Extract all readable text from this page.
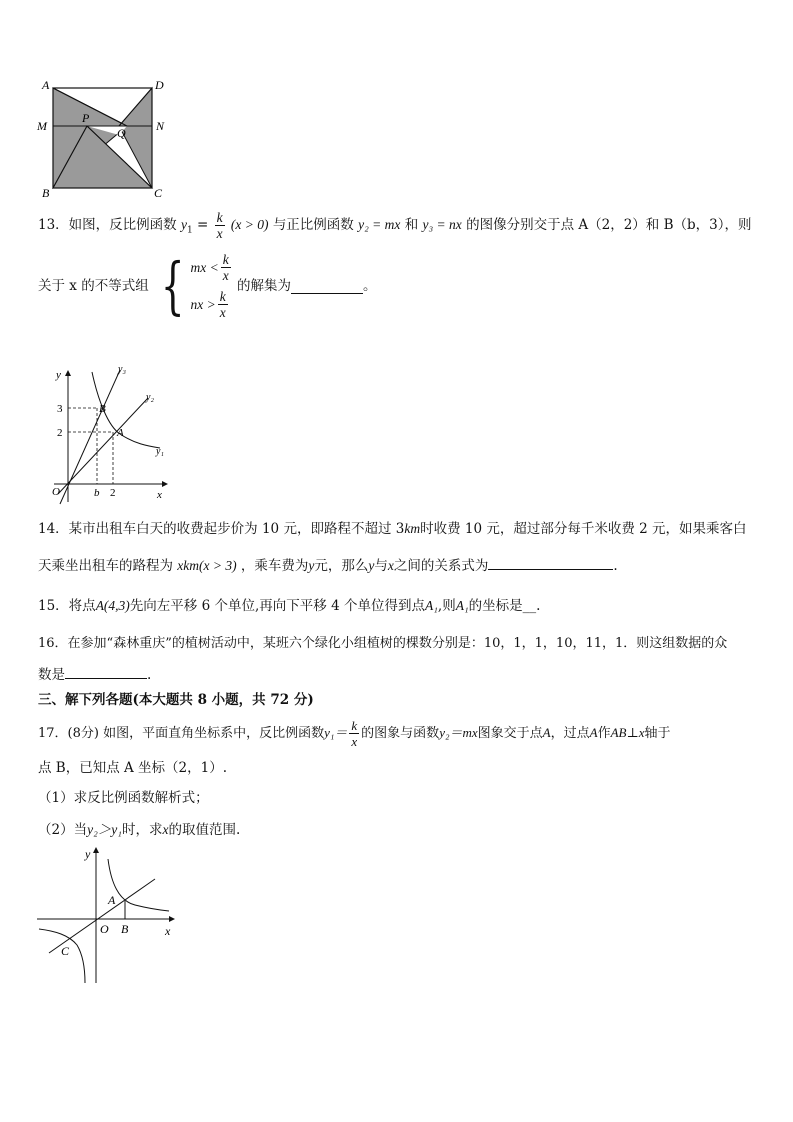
A	D
M	N
P
Q
B	C
13．如图，反比例函数 $y_1 = \frac{k}{x} (x > 0)$ 与正比例函数 y₂ = mx 和 y₃ = nx 的图像分别交于点 A（2，2）和 B（b，3），则
关于 x 的不等式组 { mx < $\frac{k}{x}$
nx > $\frac{k}{x}$
的解集为	。
y
x
O
y₃
y₂
y₁
B
A
3
2
b 2
14．某市出租车白天的收费起步价为 10 元，即路程不超过 3km时收费 10 元，超过部分每千米收费 2 元，如果乘客白
天乘坐出租车的路程为 xkm(x > 3) ，乘车费为y元，那么y与x之间的关系式为	.
15．将点A(4,3)先向左平移 6 个单位,再向下平移 4 个单位得到点A₁,则A₁的坐标是__.
16．在参加“森林重庆”的植树活动中，某班六个绿化小组植树的棵数分别是：10，1，1，10，11，1．则这组数据的众
数是	.
三、解下列各题(本大题共 8 小题，共 72 分)
17．(8分) 如图，平面直角坐标系中，反比例函数$y_1= \frac{k}{x}$ 的图象与函数y₂＝mx图象交于点A，过点A作AB⊥x轴于
点 B，已知点 A 坐标（2，1）.
（1）求反比例函数解析式；
（2）当y₂＞y₁时，求x的取值范围.
y
x
O
A
B
C
